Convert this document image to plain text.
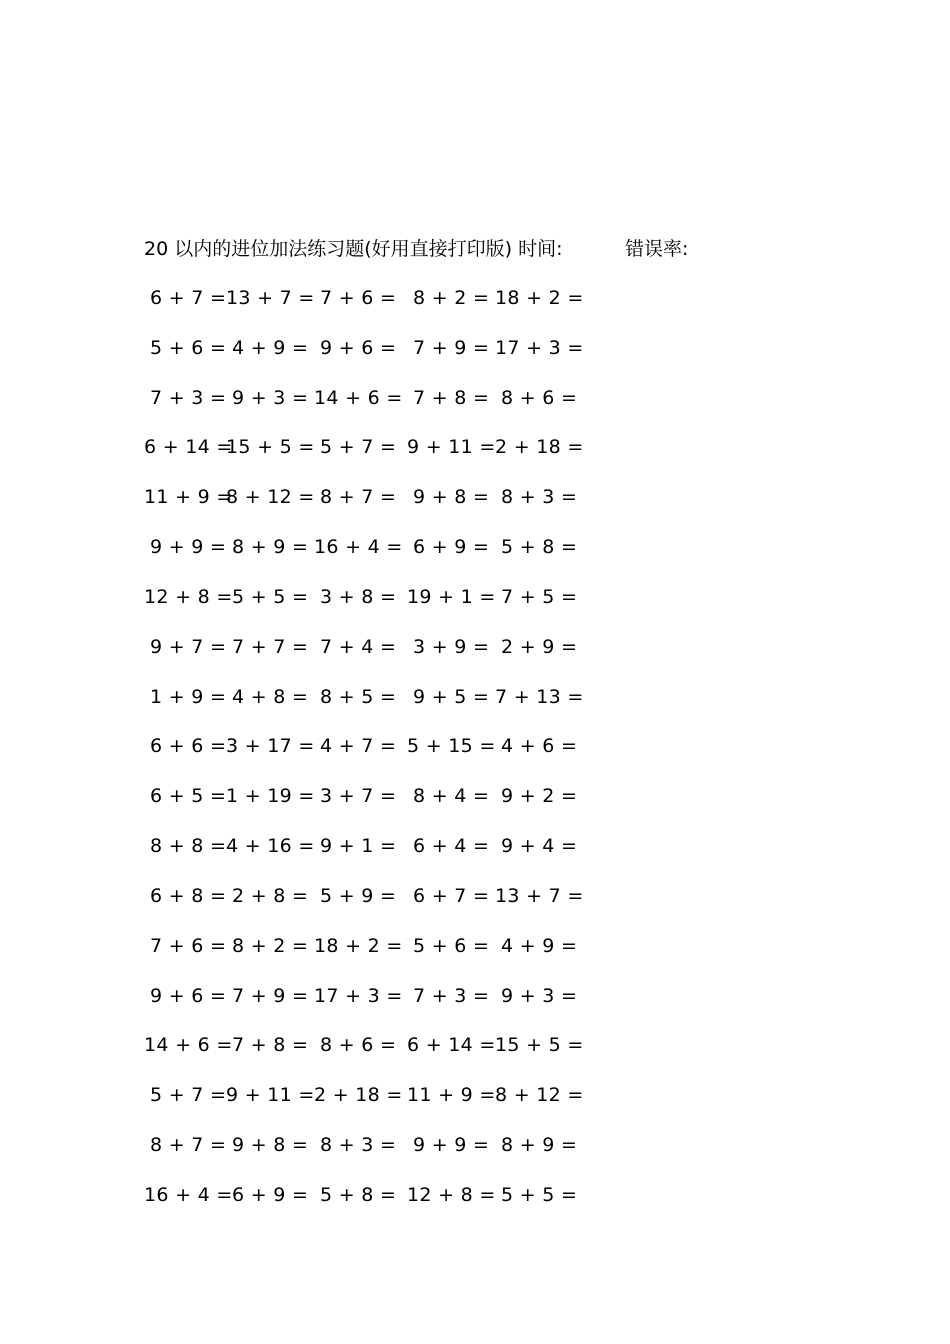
20 以内的进位加法练习题(好用直接打印版) 时间:	错误率:
6 + 7 = 13 + 7 = 7 + 6 = 8 + 2 = 18 + 2 =
5 + 6 = 4 + 9 = 9 + 6 = 7 + 9 = 17 + 3 =
7 + 3 = 9 + 3 = 14 + 6 = 7 + 8 = 8 + 6 =
6 + 14 =
15 + 5 = 5 + 7 = 9 + 11 = 2 + 18 =
11 + 9 =
8 + 12 = 8 + 7 = 9 + 8 = 8 + 3 =
9 + 9 = 8 + 9 = 16 + 4 = 6 + 9 = 5 + 8 =
12 + 8 = 5 + 5 = 3 + 8 = 19 + 1 = 7 + 5 =
9 + 7 = 7 + 7 = 7 + 4 = 3 + 9 = 2 + 9 =
1 + 9 = 4 + 8 = 8 + 5 = 9 + 5 = 7 + 13 =
6 + 6 = 3 + 17 = 4 + 7 = 5 + 15 = 4 + 6 =
6 + 5 = 1 + 19 = 3 + 7 = 8 + 4 = 9 + 2 =
8 + 8 = 4 + 16 = 9 + 1 = 6 + 4 = 9 + 4 =
6 + 8 = 2 + 8 = 5 + 9 = 6 + 7 = 13 + 7 =
7 + 6 = 8 + 2 = 18 + 2 = 5 + 6 = 4 + 9 =
9 + 6 = 7 + 9 = 17 + 3 = 7 + 3 = 9 + 3 =
14 + 6 = 7 + 8 = 8 + 6 = 6 + 14 = 15 + 5 =
5 + 7 = 9 + 11 = 2 + 18 = 11 + 9 = 8 + 12 =
8 + 7 = 9 + 8 = 8 + 3 = 9 + 9 = 8 + 9 =
16 + 4 = 6 + 9 = 5 + 8 = 12 + 8 = 5 + 5 =
